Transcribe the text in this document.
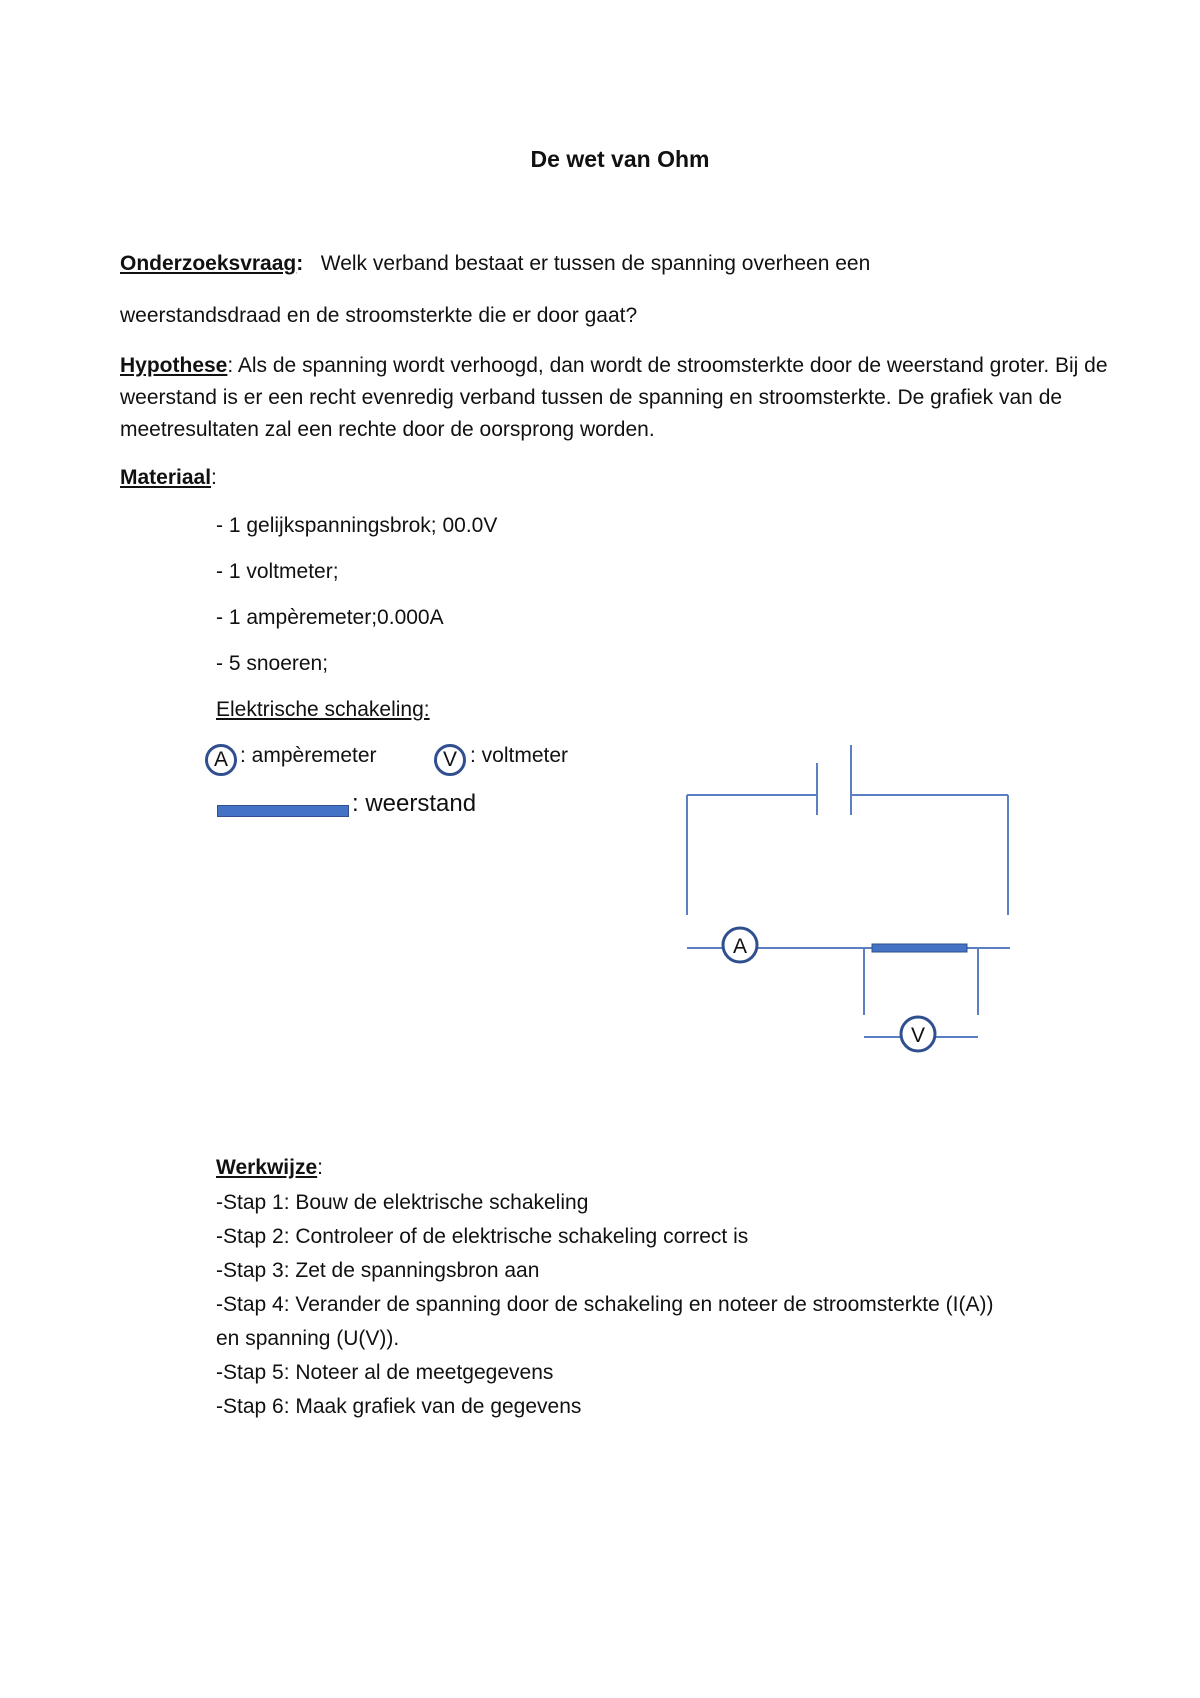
De wet van Ohm
Onderzoeksvraag: Welk verband bestaat er tussen de spanning overheen een
weerstandsdraad en de stroomsterkte die er door gaat?
Hypothese: Als de spanning wordt verhoogd, dan wordt de stroomsterkte door de weerstand groter. Bij de weerstand is er een recht evenredig verband tussen de spanning en stroomsterkte. De grafiek van de meetresultaten zal een rechte door de oorsprong worden.
Materiaal:
- 1 gelijkspanningsbrok; 00.0V
- 1 voltmeter;
- 1 ampèremeter;0.000A
- 5 snoeren;
Elektrische schakeling:
A : ampèremeter	V : voltmeter
: weerstand
A
V
Werkwijze:
-Stap 1: Bouw de elektrische schakeling
-Stap 2: Controleer of de elektrische schakeling correct is
-Stap 3: Zet de spanningsbron aan
-Stap 4: Verander de spanning door de schakeling en noteer de stroomsterkte (I(A))
en spanning (U(V)).
-Stap 5: Noteer al de meetgegevens
-Stap 6: Maak grafiek van de gegevens
